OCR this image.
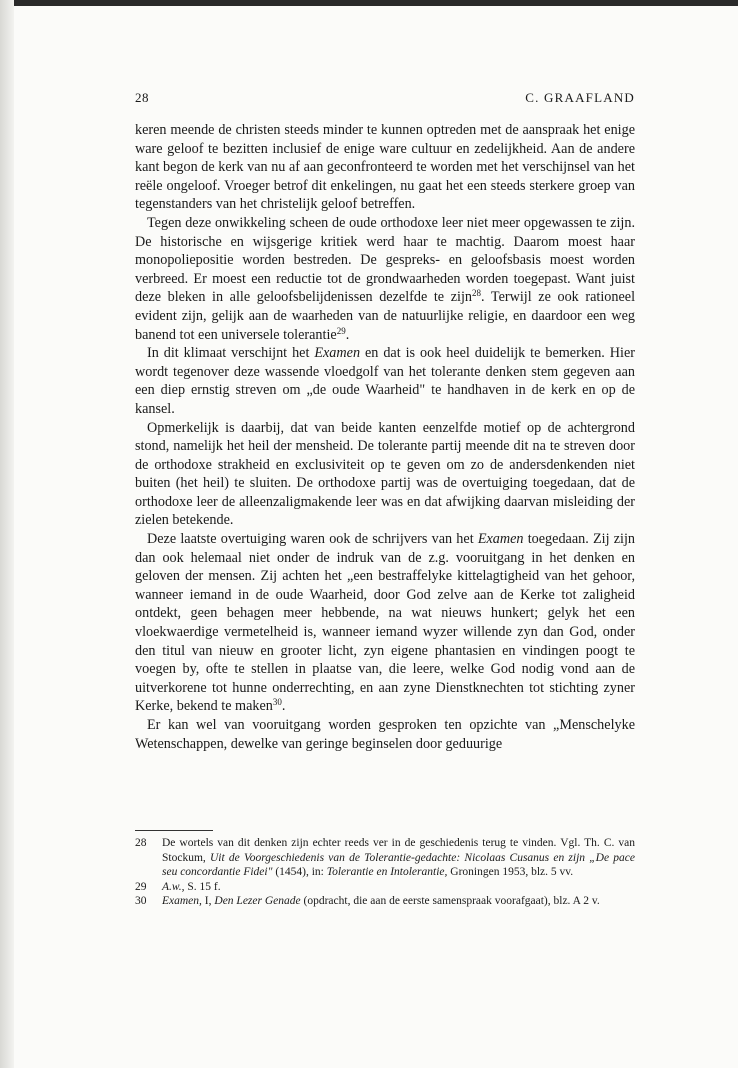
28	C. GRAAFLAND

keren meende de christen steeds minder te kunnen optreden met de aanspraak het enige ware geloof te bezitten inclusief de enige ware cultuur en zedelijkheid. Aan de andere kant begon de kerk van nu af aan geconfronteerd te worden met het verschijnsel van het reële ongeloof. Vroeger betrof dit enkelingen, nu gaat het een steeds sterkere groep van tegenstanders van het christelijk geloof betreffen.

Tegen deze onwikkeling scheen de oude orthodoxe leer niet meer opgewassen te zijn. De historische en wijsgerige kritiek werd haar te machtig. Daarom moest haar monopoliepositie worden bestreden. De gespreks- en geloofsbasis moest worden verbreed. Er moest een reductie tot de grondwaarheden worden toegepast. Want juist deze bleken in alle geloofsbelijdenissen dezelfde te zijn$^{28}$. Terwijl ze ook rationeel evident zijn, gelijk aan de waarheden van de natuurlijke religie, en daardoor een weg banend tot een universele tolerantie$^{29}$.

In dit klimaat verschijnt het Examen en dat is ook heel duidelijk te bemerken. Hier wordt tegenover deze wassende vloedgolf van het tolerante denken stem gegeven aan een diep ernstig streven om „de oude Waarheid" te handhaven in de kerk en op de kansel.

Opmerkelijk is daarbij, dat van beide kanten eenzelfde motief op de achtergrond stond, namelijk het heil der mensheid. De tolerante partij meende dit na te streven door de orthodoxe strakheid en exclusiviteit op te geven om zo de andersdenkenden niet buiten (het heil) te sluiten. De orthodoxe partij was de overtuiging toegedaan, dat de orthodoxe leer de alleenzaligmakende leer was en dat afwijking daarvan misleiding der zielen betekende.

Deze laatste overtuiging waren ook de schrijvers van het Examen toegedaan. Zij zijn dan ook helemaal niet onder de indruk van de z.g. vooruitgang in het denken en geloven der mensen. Zij achten het „een bestraffelyke kittelagtigheid van het gehoor, wanneer iemand in de oude Waarheid, door God zelve aan de Kerke tot zaligheid ontdekt, geen behagen meer hebbende, na wat nieuws hunkert; gelyk het een vloekwaerdige vermetelheid is, wanneer iemand wyzer willende zyn dan God, onder den titul van nieuw en grooter licht, zyn eigene phantasien en vindingen poogt te voegen by, ofte te stellen in plaatse van, die leere, welke God nodig vond aan de uitverkorene tot hunne onderrechting, en aan zyne Dienstknechten tot stichting zyner Kerke, bekend te maken$^{30}$.

Er kan wel van vooruitgang worden gesproken ten opzichte van „Menschelyke Wetenschappen, dewelke van geringe beginselen door geduurige

28	De wortels van dit denken zijn echter reeds ver in de geschiedenis terug te vinden. Vgl. Th. C. van Stockum, Uit de Voorgeschiedenis van de Tolerantie-gedachte: Nicolaas Cusanus en zijn „De pace seu concordantie Fidei" (1454), in: Tolerantie en Intolerantie, Groningen 1953, blz. 5 vv.
29	A.w., S. 15 f.
30	Examen, I, Den Lezer Genade (opdracht, die aan de eerste samenspraak voorafgaat), blz. A 2 v.
